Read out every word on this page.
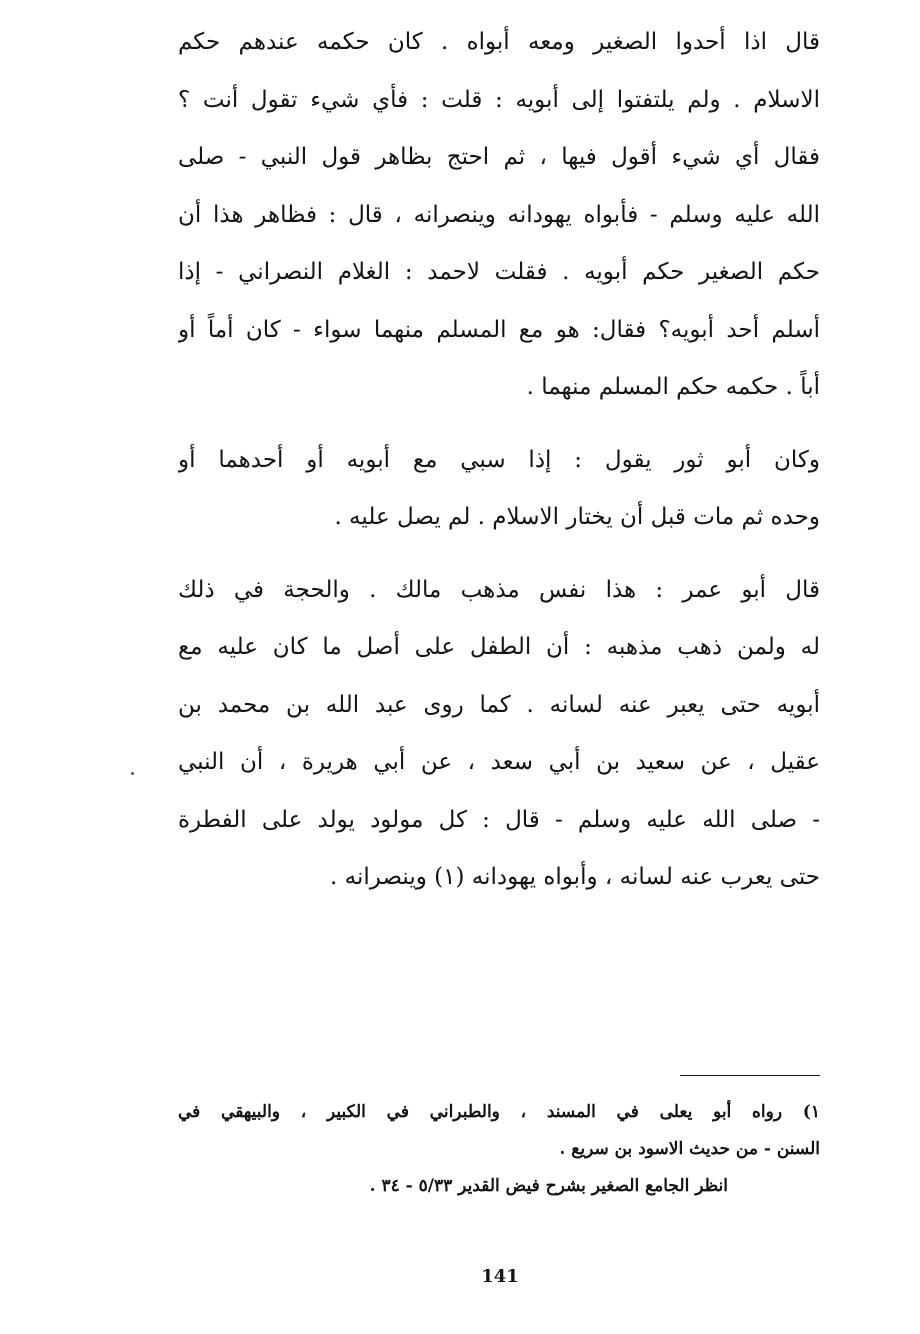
قال اذا أحدوا الصغير ومعه أبواه . كان حكمه عندهم حكم
الاسلام . ولم يلتفتوا إلى أبويه : قلت : فأي شيء تقول أنت ؟
فقال أي شيء أقول فيها ، ثم احتج بظاهر قول النبي - صلى
الله عليه وسلم - فأبواه يهودانه وينصرانه ، قال : فظاهر هذا أن
حكم الصغير حكم أبويه . فقلت لاحمد : الغلام النصراني - إذا
أسلم أحد أبويه؟ فقال: هو مع المسلم منهما سواء - كان أماً أو
أباً . حكمه حكم المسلم منهما .
وكان أبو ثور يقول : إذا سبي مع أبويه أو أحدهما أو
وحده ثم مات قبل أن يختار الاسلام . لم يصل عليه .
قال أبو عمر : هذا نفس مذهب مالك . والحجة في ذلك
له ولمن ذهب مذهبه : أن الطفل على أصل ما كان عليه مع
أبويه حتى يعبر عنه لسانه . كما روى عبد الله بن محمد بن
عقيل ، عن سعيد بن أبي سعد ، عن أبي هريرة ، أن النبي
- صلى الله عليه وسلم - قال : كل مولود يولد على الفطرة
حتى يعرب عنه لسانه ، وأبواه يهودانه (١) وينصرانه .
١) رواه أبو يعلى في المسند ، والطبراني في الكبير ، والبيهقي في
السنن - من حديث الاسود بن سريع .
انظر الجامع الصغير بشرح فيض القدير ٥/٣٣ - ٣٤ .
141
